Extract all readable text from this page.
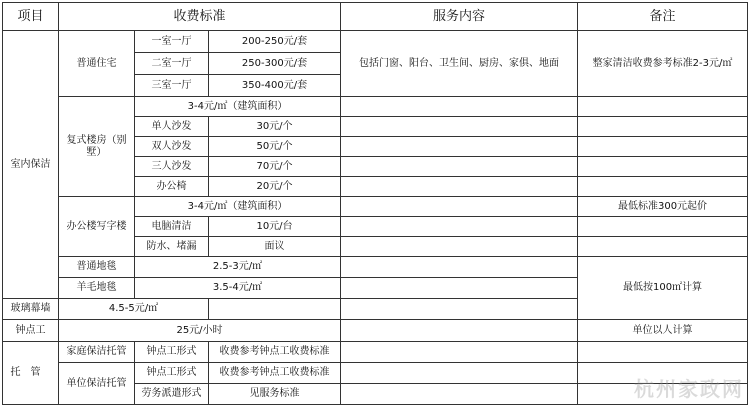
项目	收费标准			服务内容	备注
室内保洁	普通住宅	一室一厅	200-250元/套	包括门窗、阳台、卫生间、厨房、家俱、地面	整家清洁收费参考标准2-3元/㎡
		二室一厅	250-300元/套		
		三室一厅	350-400元/套		
	复式楼房（别墅）	3-4元/㎡（建筑面积）			
		单人沙发	30元/个		
		双人沙发	50元/个		
		三人沙发	70元/个		
		办公椅	20元/个		
	办公楼写字楼	3-4元/㎡（建筑面积）			最低标准300元起价
		电脑清洁	10元/台		
		防水、堵漏	面议		
	普通地毯	2.5-3元/㎡			最低按100㎡计算
	羊毛地毯	3.5-4元/㎡			
玻璃幕墙	4.5-5元/㎡				
钟点工	25元/小时				单位以人计算
托管	家庭保洁托管	钟点工形式	收费参考钟点工收费标准		
	单位保洁托管	钟点工形式	收费参考钟点工收费标准		
		劳务派遣形式	见服务标准			杭州家政网
